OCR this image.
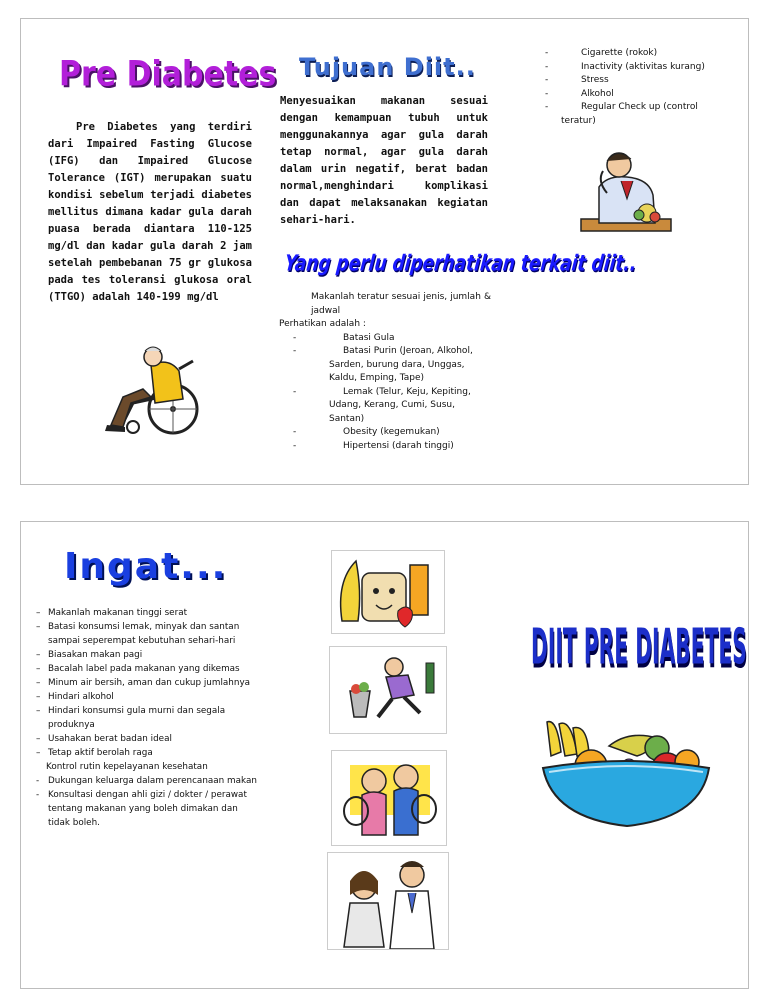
Pre Diabetes
Pre Diabetes yang terdiri dari Impaired Fasting Glucose (IFG) dan Impaired Glucose Tolerance (IGT) merupakan suatu kondisi sebelum terjadi diabetes mellitus dimana kadar gula darah puasa berada diantara 110-125 mg/dl dan kadar gula darah 2 jam setelah pembebanan 75 gr glukosa pada tes toleransi glukosa oral (TTGO) adalah 140-199 mg/dl
Tujuan Diit..
Menyesuaikan makanan sesuai dengan kemampuan tubuh untuk menggunakannya agar gula darah tetap normal, agar gula darah dalam urin negatif, berat badan normal,menghindari komplikasi dan dapat melaksanakan kegiatan sehari-hari.
Yang perlu diperhatikan terkait diit..
Makanlah teratur sesuai jenis, jumlah & jadwal
Perhatikan adalah :
-	Batasi Gula
-	Batasi Purin (Jeroan, Alkohol, Sarden, burung dara, Unggas, Kaldu, Emping, Tape)
-	Lemak (Telur, Keju, Kepiting, Udang, Kerang, Cumi, Susu, Santan)
-	Obesity (kegemukan)
-	Hipertensi (darah tinggi)
-	Cigarette (rokok)
-	Inactivity (aktivitas kurang)
-	Stress
-	Alkohol
-	Regular Check up (control
teratur)
Ingat...
– Makanlah makanan tinggi serat
– Batasi konsumsi lemak, minyak dan santan sampai seperempat kebutuhan sehari-hari
– Biasakan makan pagi
– Bacalah label pada makanan yang dikemas
– Minum air bersih, aman dan cukup jumlahnya
– Hindari alkohol
– Hindari konsumsi gula murni dan segala produknya
– Usahakan berat badan ideal
– Tetap aktif berolah raga
Kontrol rutin kepelayanan kesehatan
- Dukungan keluarga dalam perencanaan makan
- Konsultasi dengan ahli gizi / dokter / perawat tentang makanan yang boleh dimakan dan tidak boleh.
DIIT PRE DIABETES
